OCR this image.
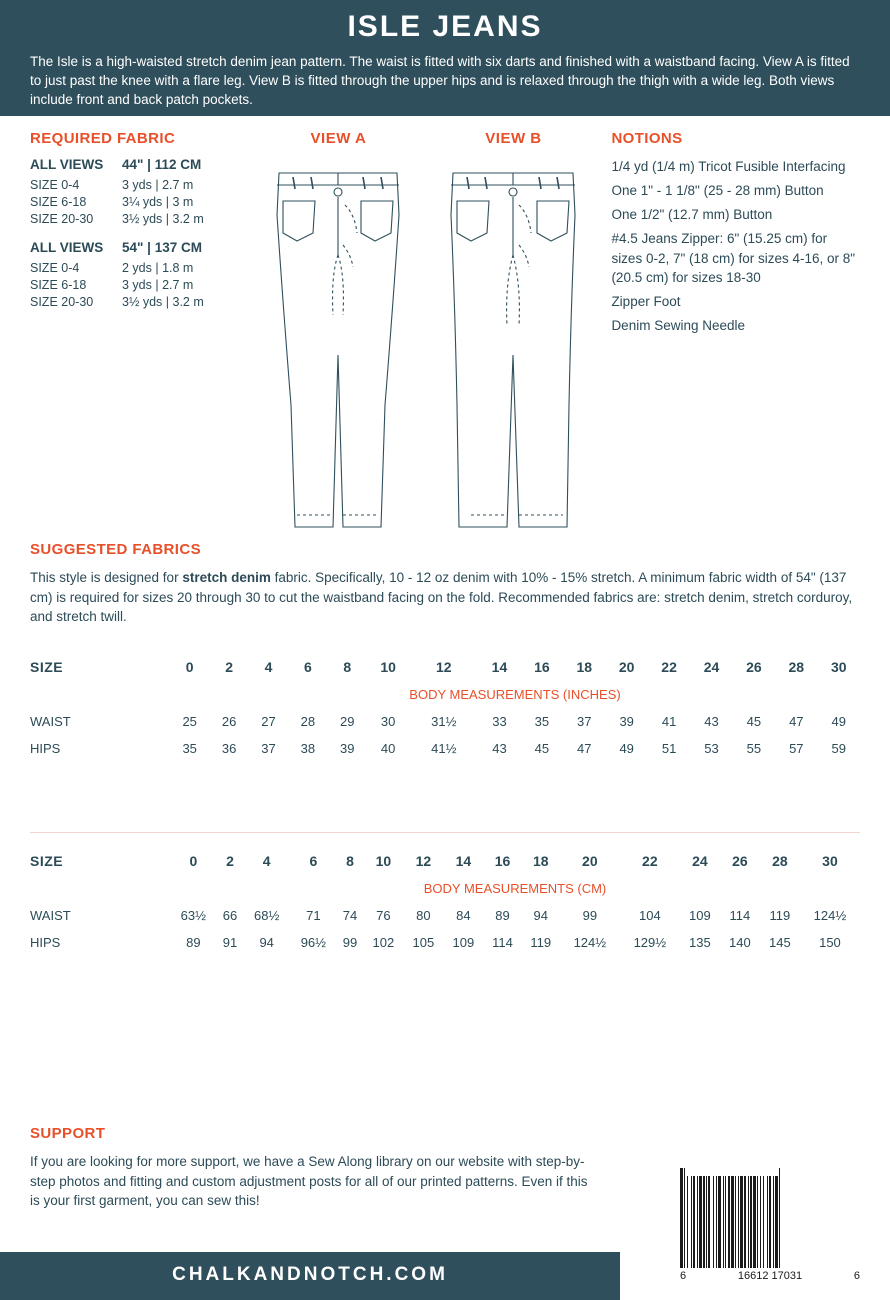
ISLE JEANS

The Isle is a high-waisted stretch denim jean pattern. The waist is fitted with six darts and finished with a waistband facing. View A is fitted to just past the knee with a flare leg. View B is fitted through the upper hips and is relaxed through the thigh with a wide leg. Both views include front and back patch pockets.

REQUIRED FABRIC
ALL VIEWS	44" | 112 CM
SIZE 0-4	3 yds | 2.7 m
SIZE 6-18	3¼ yds | 3 m
SIZE 20-30	3½ yds | 3.2 m
ALL VIEWS	54" | 137 CM
SIZE 0-4	2 yds | 1.8 m
SIZE 6-18	3 yds | 2.7 m
SIZE 20-30	3½ yds | 3.2 m
VIEW A	VIEW B	NOTIONS
1/4 yd (1/4 m) Tricot Fusible Interfacing
One 1" - 1 1/8" (25 - 28 mm) Button
One 1/2" (12.7 mm) Button
#4.5 Jeans Zipper: 6" (15.25 cm) for sizes 0-2, 7" (18 cm) for sizes 4-16, or 8" (20.5 cm) for sizes 18-30
Zipper Foot
Denim Sewing Needle
SUGGESTED FABRICS

This style is designed for stretch denim fabric. Specifically, 10 - 12 oz denim with 10% - 15% stretch. A minimum fabric width of 54" (137 cm) is required for sizes 20 through 30 to cut the waistband facing on the fold. Recommended fabrics are: stretch denim, stretch corduroy, and stretch twill.

SIZE	0	2	4	6	8	10	12	14	16	18	20	22	24	26	28	30
	BODY MEASUREMENTS (INCHES)															
WAIST	25	26	27	28	29	30	31½	33	35	37	39	41	43	45	47	49
HIPS	35	36	37	38	39	40	41½	43	45	47	49	51	53	55	57	59
SIZE	0	2	4	6	8	10	12	14	16	18	20	22	24	26	28	30
	BODY MEASUREMENTS (CM)															
WAIST	63½	66	68½	71	74	76	80	84	89	94	99	104	109	114	119	124½
HIPS	89	91	94	96½	99	102	105	109	114	119	124½	129½	135	140	145	150
SUPPORT

If you are looking for more support, we have a Sew Along library on our website with step-by-step photos and fitting and custom adjustment posts for all of our printed patterns. Even if this is your first garment, you can sew this!

6	16612 17031	6
CHALKANDNOTCH.COM
